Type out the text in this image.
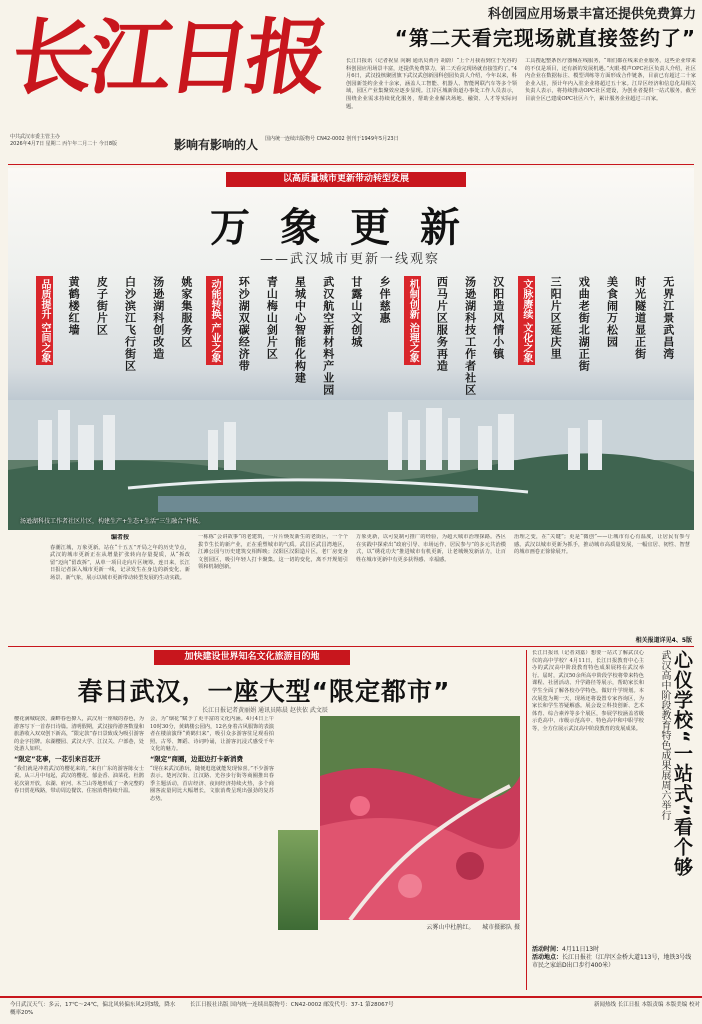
长江日报
中共武汉市委主管主办
2026年4月7日 星期二 丙午年二月二十 今日8版	影响有影响的人 国内统一连续出版物号 CN42-0002 创刊于1949年5月23日
科创园应用场景丰富还提供免费算力
“第二天看完现场就直接签约了”
长江日报讯（记者祝显 向娴 通讯员黄丹 胡蔚）“上个月我看到位于光谷的科创园应用场景丰富，还提供免费算力，第二天看完现场就直接签约了。”4月6日，武汉投核聚团旗下武汉武创新园科创园负责人介绍，今年以来，科创园新签约企业十余家，涵盖人工智能、机器人、智能网联汽车等多个领域，园区产业集聚效应逐步显现。江岸区城新街道办事处工作人员表示，围绕企业需求持续优化服务，帮助企业解决场地、融资、人才等实际问题。
工具搜起整条医疗器械在线服务，“咱们都在线来企业服务，这些企业带来的不仅是项目，还有新的发展机遇。”火眼·模声OPC社区负责人介绍，社区内企业在数据标注、模型训练等方面形成合作链条，目前已有超过二十家企业入驻，预计年内入驻企业将超过五十家。江岸区经济和信息化局相关负责人表示，将持续推动OPC社区建设，为创业者提供一站式服务，截至目前全区已建成OPC社区六个，累计服务企业超过三百家。
以高质量城市更新带动转型发展
万象更新
——武汉城市更新一线观察
汤逊湖科技工作者社区片区，构建生产+生态+生活“三生融合”样板。
无界江景武昌湾
时光隧道显正街
美食闹万松园
戏曲老街北湖正街
三阳片区延庆里
文脉赓续 文化之象
汉阳造风情小镇
汤逊湖科技工作者社区
西马片区服务再造
机制创新 治理之象
乡伴慈惠
甘露山文创城
武汉航空新材料产业园
星城中心智能化构建
青山梅山剑片区
环沙湖双碳经济带
动能转换 产业之象
姚家集服务区
汤逊湖科创改造
白沙滨江飞行街区
皮子街片区
黄鹤楼红墙
品质提升 空间之象
编者按
春潮江城，万象更新。站在“十五五”开局之年的历史节点，武汉的城市更新正在从增量扩张转向存量提质，从“拆改留”迈向“留改拆”，从单一项目走向片区统筹。连日来，长江日报记者深入城市更新一线，记录发生在身边的新变化、新场景、新气象，展示以城市更新带动转型发展的生动实践。
一栋栋“会讲故事”的老建筑，一片片焕发新生的老街区，一个个拔节生长的新产业，正在重塑城市的气质。武昌区武昌湾地区，江滩公园与历史建筑交相辉映；汉阳区汉阳造片区，老厂房变身文创园区，吸引年轻人打卡聚集。这一切的变化，离不开规划引领和机制创新。
万象更新，以可复制可推广的经验，为超大城市治理探路。各区在实践中探索出“政府引导、市场运作、居民参与”的多元共治模式，以“绣花功夫”推进城市有机更新，让老城焕发新活力，让百姓在城市更新中有更多获得感、幸福感。
治理之变，在“关键”；更是“微创”——让城市有心有温度，让居民有参与感。武汉以城市更新为抓手，推动城市高质量发展，一幅宜居、韧性、智慧的城市画卷正徐徐展开。
相关报道详见4、5版
加快建设世界知名文化旅游目的地
春日武汉，一座大型“限定都市”
长江日报记者黄丽娟 通讯员陈晨 赵侠依 武文辰
樱花满城绽放，湖畔春色撩人，武汉用一座城的春色，为游客写下一首春日诗篇。清明假期，武汉接待游客数量和旅游收入双双创下新高，“限定款”春日景致成为吸引游客的金字招牌。东湖樱园、武汉大学、江汉关、户部巷，处处游人如织。
“限定”花事，一花引来百花开
“我们就是冲着武汉的樱花来的。”来自广东的游客陈女士说。从三月中旬起，武汉的樱花、郁金香、油菜花、杜鹃花次第开放，东湖、府河、木兰山等地形成了一条完整的春日赏花线路，带动周边餐饮、住宿消费持续升温。
会，为“烟花”赋予了更丰富的文化内涵。4月4日上午10时30分，黄鹤楼公园内，12名身着古风服饰的表演者在楼前演绎“黄鹤归来”，吸引众多游客驻足观看拍照。古琴、舞蹈、诗词吟诵，让游客沉浸式感受千年文化的魅力。
“限定”商圈，边逛边打卡新消费
“现在来武汉游玩，随便逛逛就能发现惊喜。”不少游客表示。楚河汉街、江汉路、光谷步行街等商圈推出春季主题活动，首店经济、夜间经济持续火热，多个商圈客流量同比大幅增长，文旅消费呈现出强劲的复苏态势。
云雾山中杜鹃红。 城市摄影队 摄
心仪学校“一站式”看个够
武汉高中阶段教育特色成果展周六举行
长江日报讯（记者刘嘉）想要一站式了解武汉心仪的高中学校？4月11日，长江日报教育中心主办的武汉高中阶段教育特色成果展将在武汉举行。届时，武汉50余所高中阶段学校将带来特色课程、社团活动、升学路径等展示，帮助家长和学生全面了解各校办学特色，做好升学规划。本次展览为期一天，现场还将设置专家咨询区，为家长和学生答疑解惑。展会设立科技创新、艺术体育、综合素养等多个展区，参展学校涵盖省级示范高中、市级示范高中、特色高中和中职学校等，全方位展示武汉高中阶段教育的发展成果。
活动时间：4月11日13时
活动地点：长江日报社（江岸区金桥大道113号，地铁3号线市民之家站D出口步行400米）
今日武汉天气：多云，17℃～24℃，偏北风转偏东风2到3级，降水概率20%
长江日报社出版 国内统一连续出版物号：CN42-0002 邮发代号：37-1 第28067号	新闻热线 长江日报 本版责编 本版美编 校对
